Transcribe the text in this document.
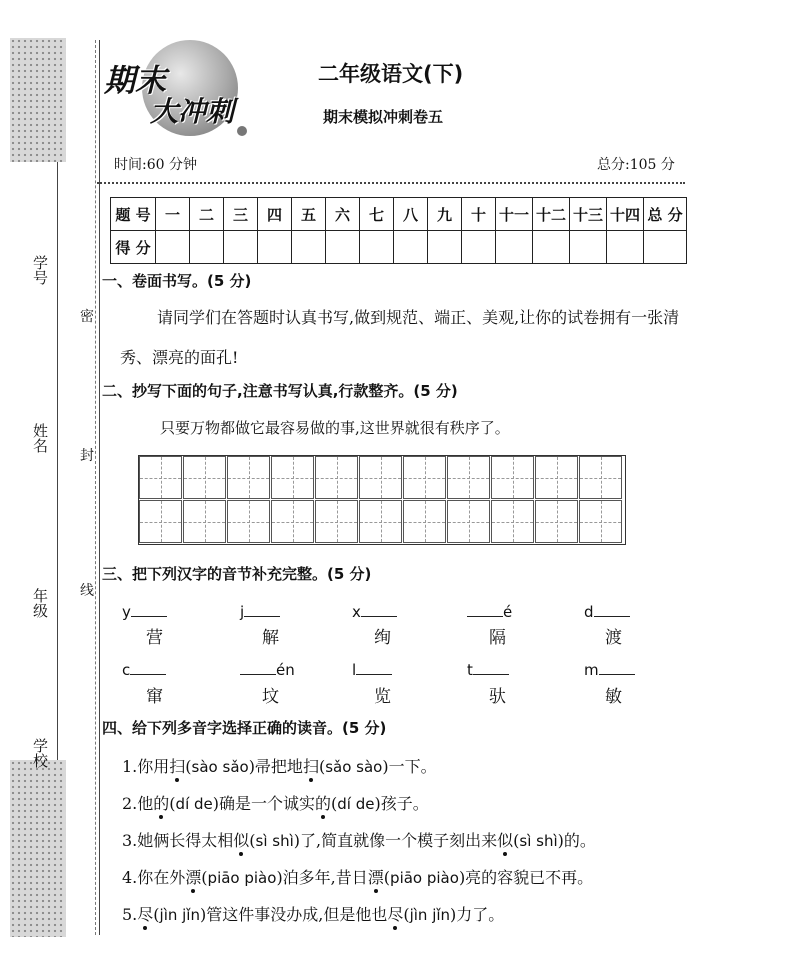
学号
姓名
年级
学校
密
封
线
期末
大冲刺
二年级语文(下)
期末模拟冲刺卷五
时间:60 分钟	总分:105 分
题 号	一	二	三	四	五	六	七	八	九	十	十一	十二	十三	十四	总 分
得 分															
一、卷面书写。(5 分)
请同学们在答题时认真书写,做到规范、端正、美观,让你的试卷拥有一张清
秀、漂亮的面孔!
二、抄写下面的句子,注意书写认真,行款整齐。(5 分)
只要万物都做它最容易做的事,这世界就很有秩序了。
三、把下列汉字的音节补充完整。(5 分)
y
营
j
解
x
绚
é
隔
d
渡
c
窜
én
坟
l
览
t
驮
m
敏
四、给下列多音字选择正确的读音。(5 分)
1.你用扫(sào sǎo)帚把地扫(sǎo sào)一下。
2.他的(dí de)确是一个诚实的(dí de)孩子。
3.她俩长得太相似(sì shì)了,简直就像一个模子刻出来似(sì shì)的。
4.你在外漂(piāo piào)泊多年,昔日漂(piāo piào)亮的容貌已不再。
5.尽(jìn jǐn)管这件事没办成,但是他也尽(jìn jǐn)力了。
